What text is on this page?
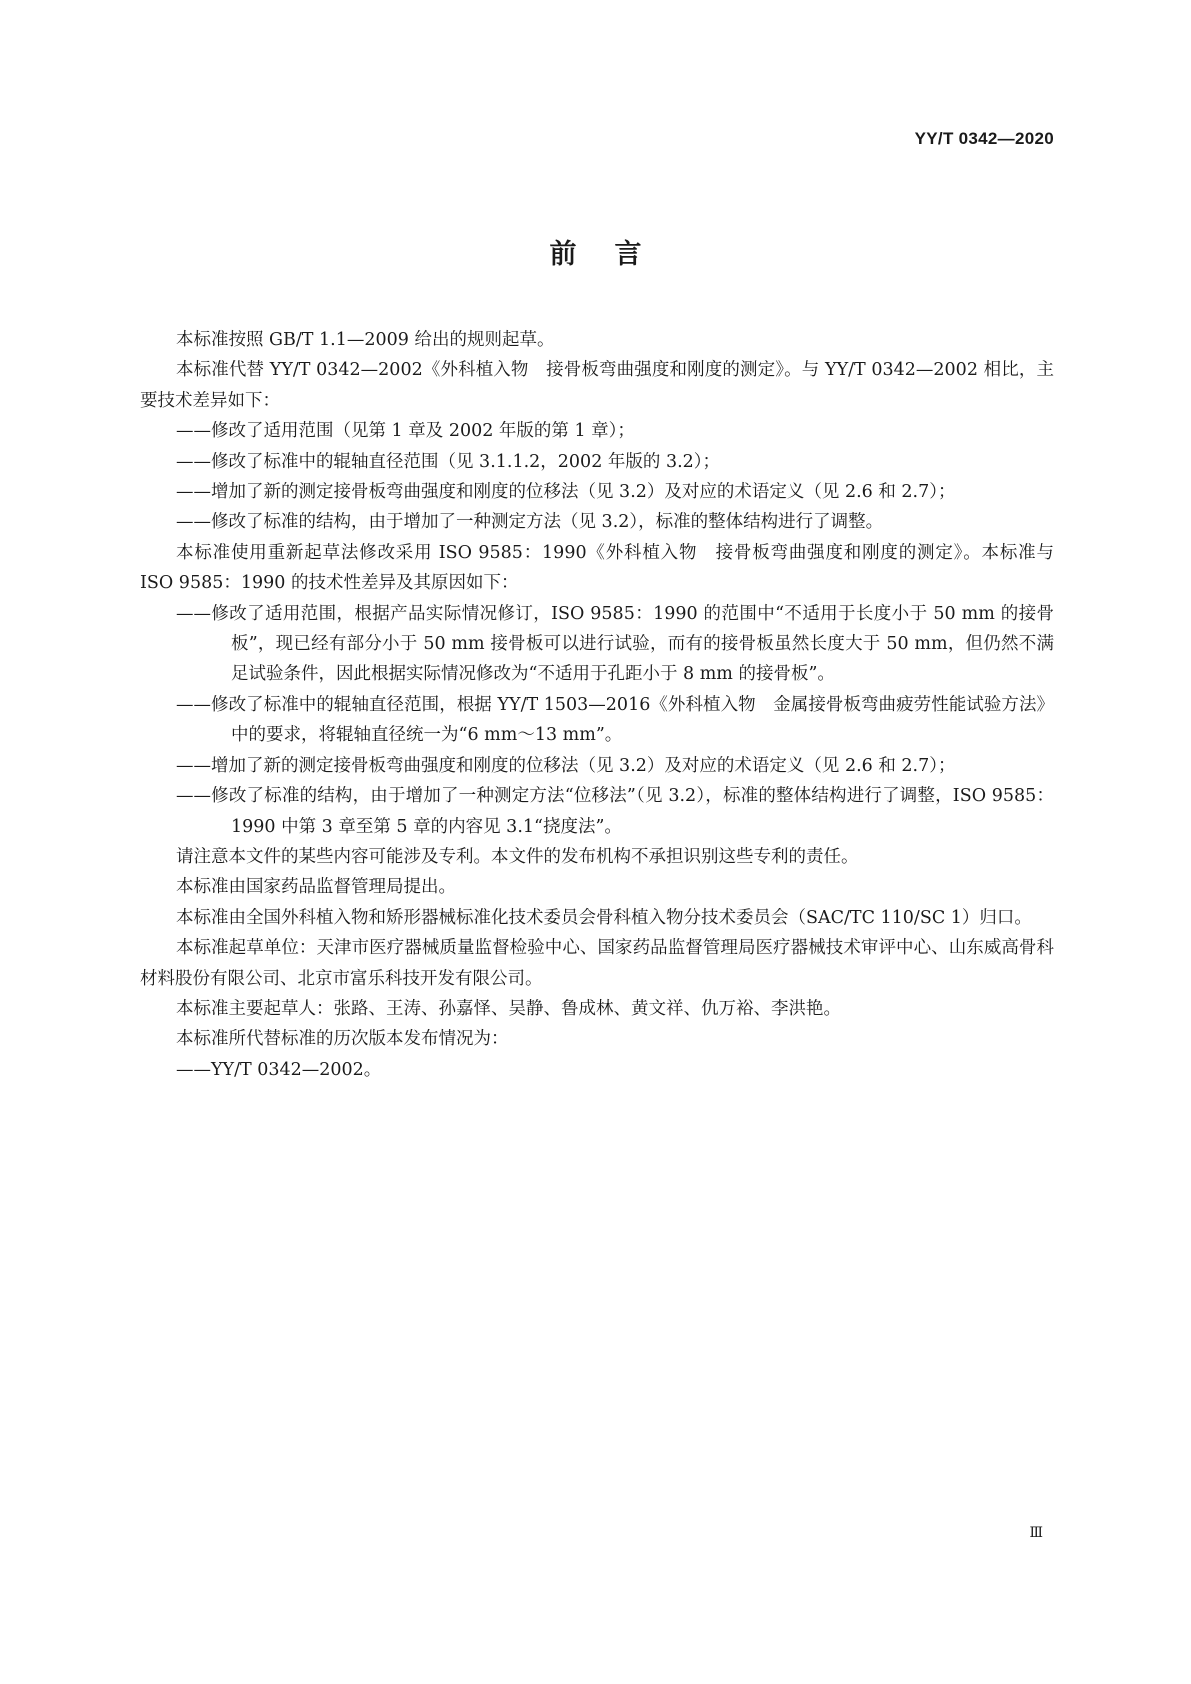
YY/T 0342—2020
前言

本标准按照 GB/T 1.1—2009 给出的规则起草。

本标准代替 YY/T 0342—2002《外科植入物　接骨板弯曲强度和刚度的测定》。与 YY/T 0342—2002 相比，主要技术差异如下：

——修改了适用范围（见第 1 章及 2002 年版的第 1 章）；

——修改了标准中的辊轴直径范围（见 3.1.1.2，2002 年版的 3.2）；

——增加了新的测定接骨板弯曲强度和刚度的位移法（见 3.2）及对应的术语定义（见 2.6 和 2.7）；

——修改了标准的结构，由于增加了一种测定方法（见 3.2），标准的整体结构进行了调整。

本标准使用重新起草法修改采用 ISO 9585：1990《外科植入物　接骨板弯曲强度和刚度的测定》。本标准与 ISO 9585：1990 的技术性差异及其原因如下：

——修改了适用范围，根据产品实际情况修订，ISO 9585：1990 的范围中“不适用于长度小于 50 mm 的接骨板”，现已经有部分小于 50 mm 接骨板可以进行试验，而有的接骨板虽然长度大于 50 mm，但仍然不满足试验条件，因此根据实际情况修改为“不适用于孔距小于 8 mm 的接骨板”。

——修改了标准中的辊轴直径范围，根据 YY/T 1503—2016《外科植入物　金属接骨板弯曲疲劳性能试验方法》中的要求，将辊轴直径统一为“6 mm～13 mm”。

——增加了新的测定接骨板弯曲强度和刚度的位移法（见 3.2）及对应的术语定义（见 2.6 和 2.7）；

——修改了标准的结构，由于增加了一种测定方法“位移法”（见 3.2），标准的整体结构进行了调整，ISO 9585：1990 中第 3 章至第 5 章的内容见 3.1“挠度法”。

请注意本文件的某些内容可能涉及专利。本文件的发布机构不承担识别这些专利的责任。

本标准由国家药品监督管理局提出。

本标准由全国外科植入物和矫形器械标准化技术委员会骨科植入物分技术委员会（SAC/TC 110/SC 1）归口。

本标准起草单位：天津市医疗器械质量监督检验中心、国家药品监督管理局医疗器械技术审评中心、山东威高骨科材料股份有限公司、北京市富乐科技开发有限公司。

本标准主要起草人：张路、王涛、孙嘉怿、吴静、鲁成林、黄文祥、仇万裕、李洪艳。

本标准所代替标准的历次版本发布情况为：

——YY/T 0342—2002。

Ⅲ
